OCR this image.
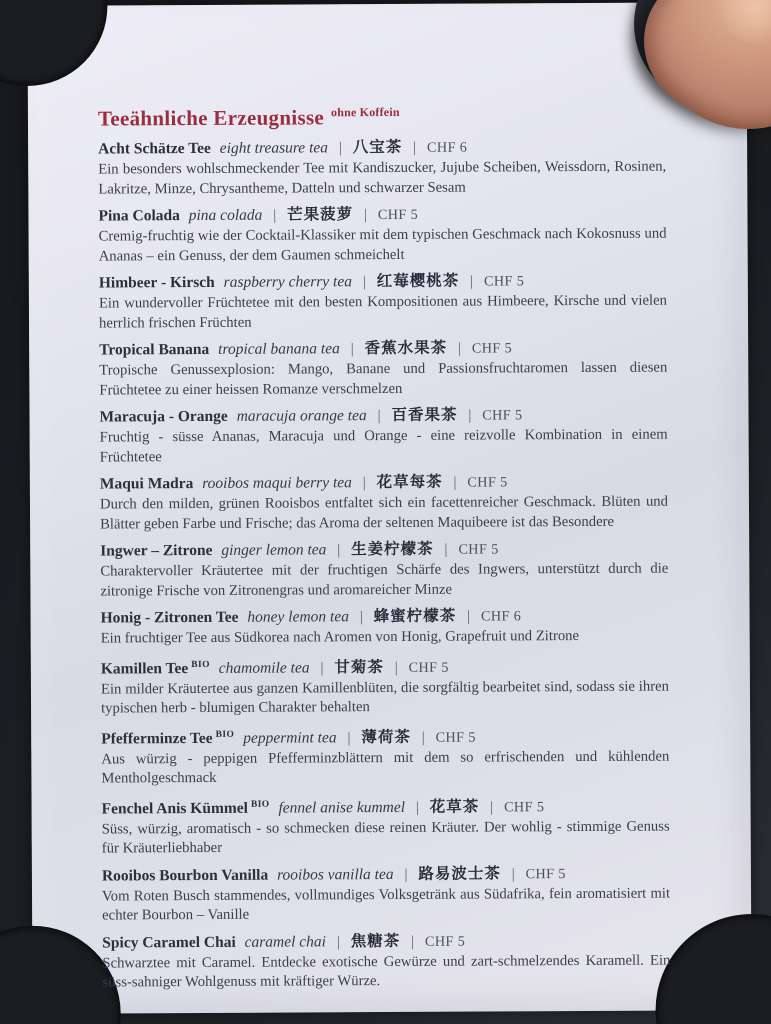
Teeähnliche Erzeugnisse $^{ohne Koffein}$
Acht Schätze Tee eight treasure tea | 八宝茶 | CHF 6
Ein besonders wohlschmeckender Tee mit Kandiszucker, Jujube Scheiben, Weissdorn, Rosinen, Lakritze, Minze, Chrysantheme, Datteln und schwarzer Sesam
Pina Colada pina colada | 芒果菠萝 | CHF 5
Cremig-fruchtig wie der Cocktail-Klassiker mit dem typischen Geschmack nach Kokosnuss und Ananas – ein Genuss, der dem Gaumen schmeichelt
Himbeer - Kirsch raspberry cherry tea | 红莓樱桃茶 | CHF 5
Ein wundervoller Früchtetee mit den besten Kompositionen aus Himbeere, Kirsche und vielen herrlich frischen Früchten
Tropical Banana tropical banana tea | 香蕉水果茶 | CHF 5
Tropische Genussexplosion: Mango, Banane und Passionsfruchtaromen lassen diesen Früchtetee zu einer heissen Romanze verschmelzen
Maracuja - Orange maracuja orange tea | 百香果茶 | CHF 5
Fruchtig - süsse Ananas, Maracuja und Orange - eine reizvolle Kombination in einem Früchtetee
Maqui Madra rooibos maqui berry tea | 花草每茶 | CHF 5
Durch den milden, grünen Rooisbos entfaltet sich ein facettenreicher Geschmack. Blüten und Blätter geben Farbe und Frische; das Aroma der seltenen Maquibeere ist das Besondere
Ingwer – Zitrone ginger lemon tea | 生姜柠檬茶 | CHF 5
Charaktervoller Kräutertee mit der fruchtigen Schärfe des Ingwers, unterstützt durch die zitronige Frische von Zitronengras und aromareicher Minze
Honig - Zitronen Tee honey lemon tea | 蜂蜜柠檬茶 | CHF 6
Ein fruchtiger Tee aus Südkorea nach Aromen von Honig, Grapefruit und Zitrone
Kamillen Tee $^{BIO}$ chamomile tea | 甘菊茶 | CHF 5
Ein milder Kräutertee aus ganzen Kamillenblüten, die sorgfältig bearbeitet sind, sodass sie ihren typischen herb - blumigen Charakter behalten
Pfefferminze Tee $^{BIO}$ peppermint tea | 薄荷茶 | CHF 5
Aus würzig - peppigen Pfefferminzblättern mit dem so erfrischenden und kühlenden Mentholgeschmack
Fenchel Anis Kümmel $^{BIO}$ fennel anise kummel | 花草茶 | CHF 5
Süss, würzig, aromatisch - so schmecken diese reinen Kräuter. Der wohlig - stimmige Genuss für Kräuterliebhaber
Rooibos Bourbon Vanilla rooibos vanilla tea | 路易波士茶 | CHF 5
Vom Roten Busch stammendes, vollmundiges Volksgetränk aus Südafrika, fein aromatisiert mit echter Bourbon – Vanille
Spicy Caramel Chai caramel chai | 焦糖茶 | CHF 5
Schwarztee mit Caramel. Entdecke exotische Gewürze und zart-schmelzendes Karamell. Ein süss-sahniger Wohlgenuss mit kräftiger Würze.
